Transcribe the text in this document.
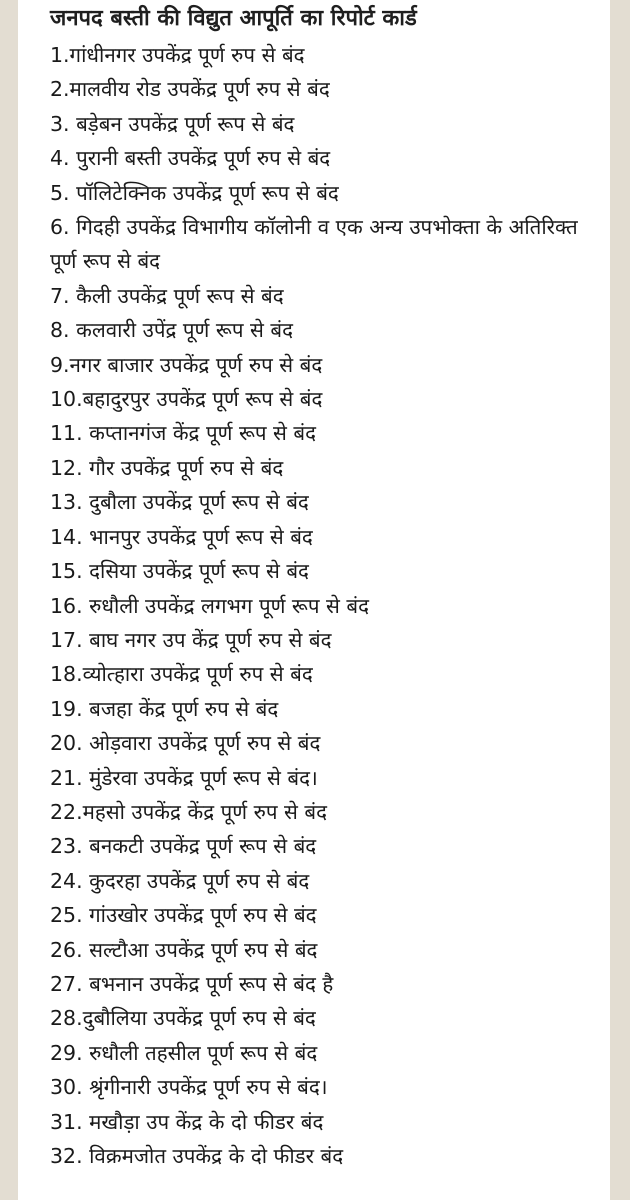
जनपद बस्ती की विद्युत आपूर्ति का रिपोर्ट कार्ड
1.गांधीनगर उपकेंद्र पूर्ण रुप से बंद
2.मालवीय रोड उपकेंद्र पूर्ण रुप से बंद
3. बड़ेबन उपकेंद्र पूर्ण रूप से बंद
4. पुरानी बस्ती उपकेंद्र पूर्ण रुप से बंद
5. पॉलिटेक्निक उपकेंद्र पूर्ण रूप से बंद
6. गिदही उपकेंद्र विभागीय कॉलोनी व एक अन्य उपभोक्ता के अतिरिक्त पूर्ण रूप से बंद
7. कैली उपकेंद्र पूर्ण रूप से बंद
8. कलवारी उपेंद्र पूर्ण रूप से बंद
9.नगर बाजार उपकेंद्र पूर्ण रुप से बंद
10.बहादुरपुर उपकेंद्र पूर्ण रूप से बंद
11. कप्तानगंज केंद्र पूर्ण रूप से बंद
12. गौर उपकेंद्र पूर्ण रुप से बंद
13. दुबौला उपकेंद्र पूर्ण रूप से बंद
14. भानपुर उपकेंद्र पूर्ण रूप से बंद
15. दसिया उपकेंद्र पूर्ण रूप से बंद
16. रुधौली उपकेंद्र लगभग पूर्ण रूप से बंद
17. बाघ नगर उप केंद्र पूर्ण रुप से बंद
18.व्योत्हारा उपकेंद्र पूर्ण रुप से बंद
19. बजहा केंद्र पूर्ण रुप से बंद
20. ओड़वारा उपकेंद्र पूर्ण रुप से बंद
21. मुंडेरवा उपकेंद्र पूर्ण रूप से बंद।
22.महसो उपकेंद्र केंद्र पूर्ण रुप से बंद
23. बनकटी उपकेंद्र पूर्ण रूप से बंद
24. कुदरहा उपकेंद्र पूर्ण रुप से बंद
25. गांउखोर उपकेंद्र पूर्ण रुप से बंद
26. सल्टौआ उपकेंद्र पूर्ण रुप से बंद
27. बभनान उपकेंद्र पूर्ण रूप से बंद है
28.दुबौलिया उपकेंद्र पूर्ण रुप से बंद
29. रुधौली तहसील पूर्ण रूप से बंद
30. श्रृंगीनारी उपकेंद्र पूर्ण रुप से बंद।
31. मखौड़ा उप केंद्र के दो फीडर बंद
32. विक्रमजोत उपकेंद्र के दो फीडर बंद
